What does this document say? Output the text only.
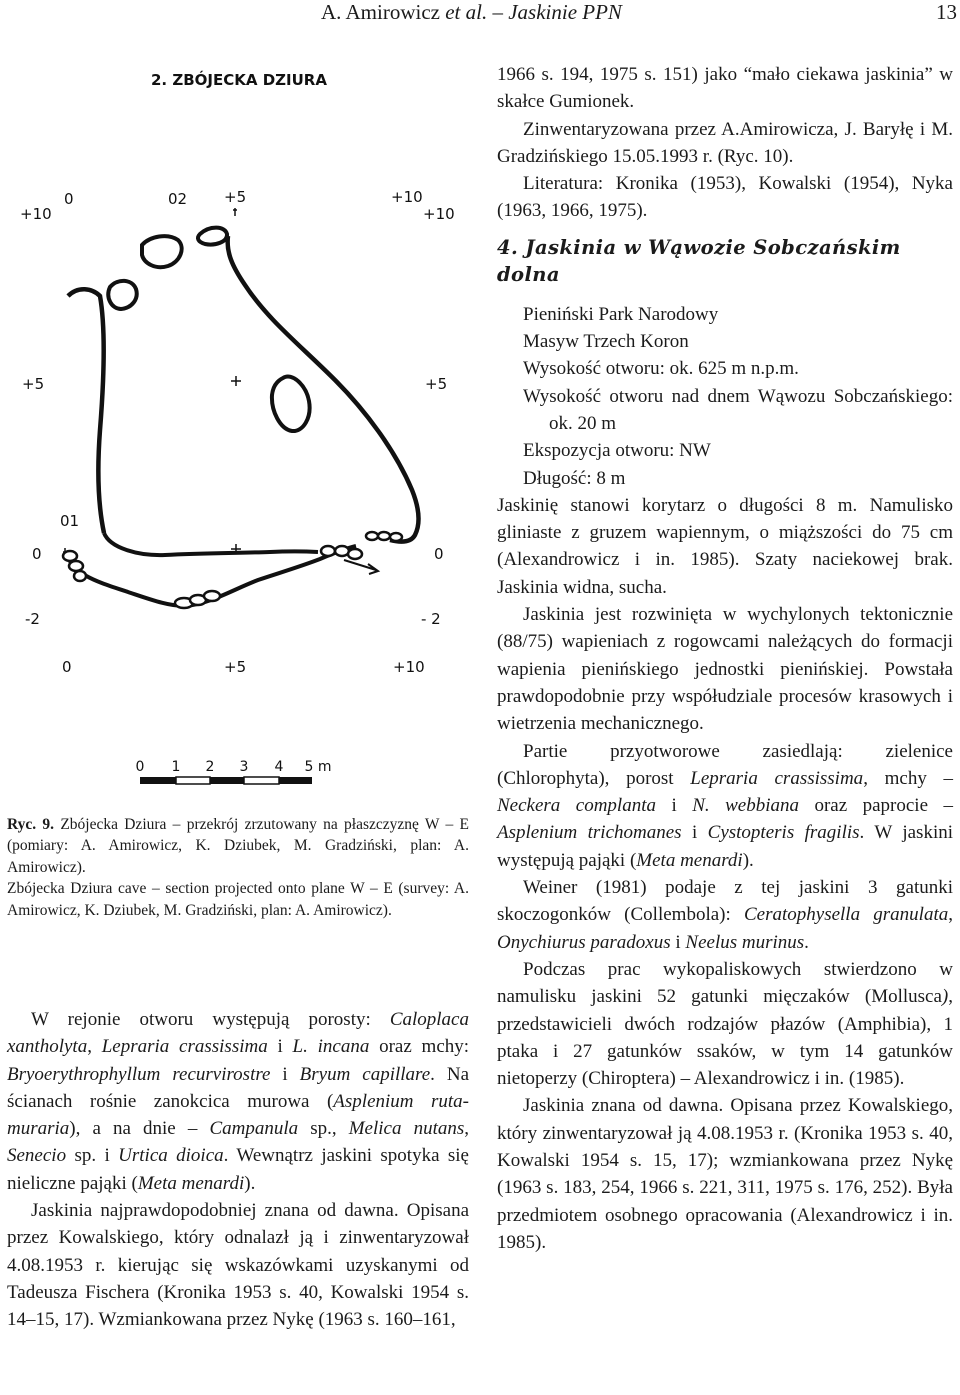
A. Amirowicz et al. – Jaskinie PPN	13
2. ZBÓJECKA DZIURA
0	02 +5	+10
+10	+10
+5	+5
01
0	0
-2	- 2
0	+5	+10
0 1 2 3 4 5 m
Ryc. 9. Zbójecka Dziura – przekrój zrzutowany na płaszczyznę W – E (pomiary: A. Amirowicz, K. Dziubek, M. Gradziński, plan: A. Amirowicz).
Zbójecka Dziura cave – section projected onto plane W – E (survey: A. Amirowicz, K. Dziubek, M. Gradziński, plan: A. Amirowicz).

W rejonie otworu występują porosty: Caloplaca xantholyta, Lepraria crassissima i L. incana oraz mchy: Bryoerythrophyllum recurvirostre i Bryum capillare. Na ścianach rośnie zanokcica murowa (Asplenium ruta-muraria), a na dnie – Campanula sp., Melica nutans, Senecio sp. i Urtica dioica. Wewnątrz jaskini spotyka się nieliczne pająki (Meta menardi).

Jaskinia najprawdopodobniej znana od dawna. Opisana przez Kowalskiego, który odnalazł ją i zinwentaryzował 4.08.1953 r. kierując się wskazówkami uzyskanymi od Tadeusza Fischera (Kronika 1953 s. 40, Kowalski 1954 s. 14–15, 17). Wzmiankowana przez Nykę (1963 s. 160–161,

1966 s. 194, 1975 s. 151) jako “mało ciekawa jaskinia” w skałce Gumionek.

Zinwentaryzowana przez A.Amirowicza, J. Baryłę i M. Gradzińskiego 15.05.1993 r. (Ryc. 10).

Literatura: Kronika (1953), Kowalski (1954), Nyka (1963, 1966, 1975).

4. Jaskinia w Wąwozie Sobczańskim dolna

Pieniński Park Narodowy
Masyw Trzech Koron
Wysokość otworu: ok. 625 m n.p.m.
Wysokość otworu nad dnem Wąwozu Sobczańskiego: ok. 20 m
Ekspozycja otworu: NW
Długość: 8 m

Jaskinię stanowi korytarz o długości 8 m. Namulisko gliniaste z gruzem wapiennym, o miąższości do 75 cm (Alexandrowicz i in. 1985). Szaty naciekowej brak. Jaskinia widna, sucha.

Jaskinia jest rozwinięta w wychylonych tektonicznie (88/75) wapieniach z rogowcami należących do formacji wapienia pienińskiego jednostki pienińskiej. Powstała prawdopodobnie przy współudziale procesów krasowych i wietrzenia mechanicznego.

Partie przyotworowe zasiedlają: zielenice (Chlorophyta), porost Lepraria crassissima, mchy – Neckera complanta i N. webbiana oraz paprocie – Asplenium trichomanes i Cystopteris fragilis. W jaskini występują pająki (Meta menardi).

Weiner (1981) podaje z tej jaskini 3 gatunki skoczogonków (Collembola): Ceratophysella granulata, Onychiurus paradoxus i Neelus murinus.

Podczas prac wykopaliskowych stwierdzono w namulisku jaskini 52 gatunki mięczaków (Mollusca), przedstawicieli dwóch rodzajów płazów (Amphibia), 1 ptaka i 27 gatunków ssaków, w tym 14 gatunków nietoperzy (Chiroptera) – Alexandrowicz i in. (1985).

Jaskinia znana od dawna. Opisana przez Kowalskiego, który zinwentaryzował ją 4.08.1953 r. (Kronika 1953 s. 40, Kowalski 1954 s. 15, 17); wzmiankowana przez Nykę (1963 s. 183, 254, 1966 s. 221, 311, 1975 s. 176, 252). Była przedmiotem osobnego opracowania (Alexandrowicz i in. 1985).
